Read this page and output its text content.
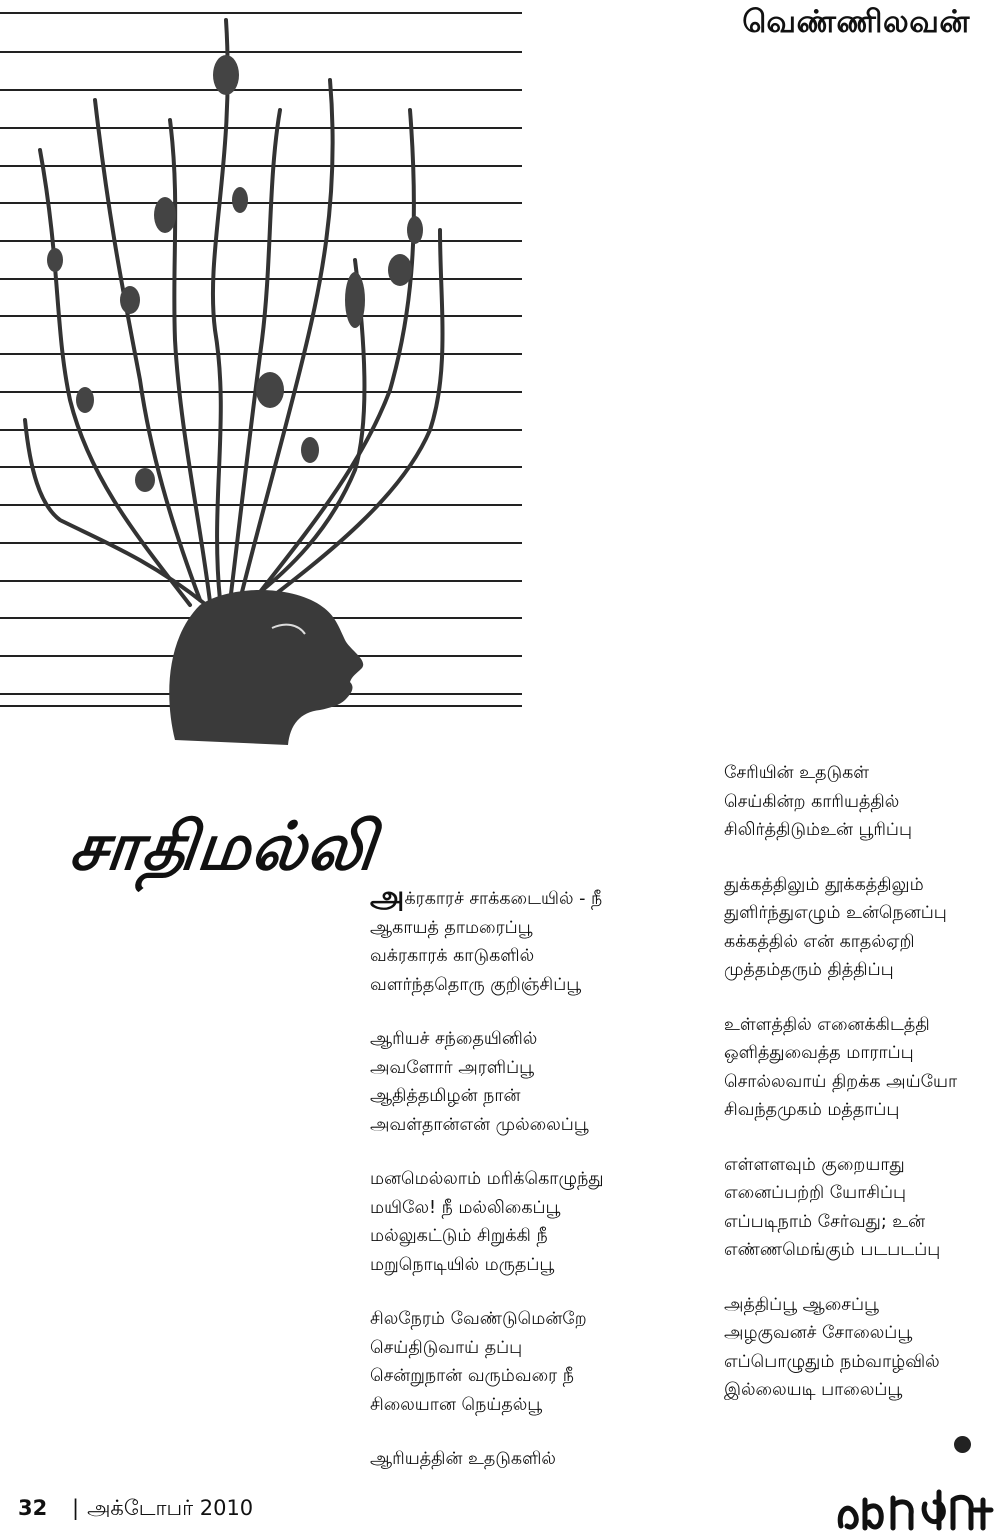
வெண்ணிலவன்
சாதிமல்லி
அக்ரகாரச் சாக்கடையில் - நீ
ஆகாயத் தாமரைப்பூ
வக்ரகாரக் காடுகளில்
வளர்ந்ததொரு குறிஞ்சிப்பூ
ஆரியச் சந்தையினில்
அவளோர் அரளிப்பூ
ஆதித்தமிழன் நான்
அவள்தான்என் முல்லைப்பூ
மனமெல்லாம் மரிக்கொழுந்து
மயிலே! நீ மல்லிகைப்பூ
மல்லுகட்டும் சிறுக்கி நீ
மறுநொடியில் மருதப்பூ
சிலநேரம் வேண்டுமென்றே
செய்திடுவாய் தப்பு
சென்றுநான் வரும்வரை நீ
சிலையான நெய்தல்பூ
ஆரியத்தின் உதடுகளில்
சேரியின் உதடுகள்
செய்கின்ற காரியத்தில்
சிலிர்த்திடும்உன் பூரிப்பு
துக்கத்திலும் தூக்கத்திலும்
துளிர்ந்துஎழும் உன்நெனப்பு
கக்கத்தில் என் காதல்ஏறி
முத்தம்தரும் தித்திப்பு
உள்ளத்தில் எனைக்கிடத்தி
ஒளித்துவைத்த மாராப்பு
சொல்லவாய் திறக்க அய்யோ
சிவந்தமுகம் மத்தாப்பு
எள்ளளவும் குறையாது
எனைப்பற்றி யோசிப்பு
எப்படிநாம் சேர்வது; உன்
எண்ணமெங்கும் படபடப்பு
அத்திப்பூ ஆசைப்பூ
அழகுவனச் சோலைப்பூ
எப்பொழுதும் நம்வாழ்வில்
இல்லையடி பாலைப்பூ
32 | அக்டோபர் 2010
